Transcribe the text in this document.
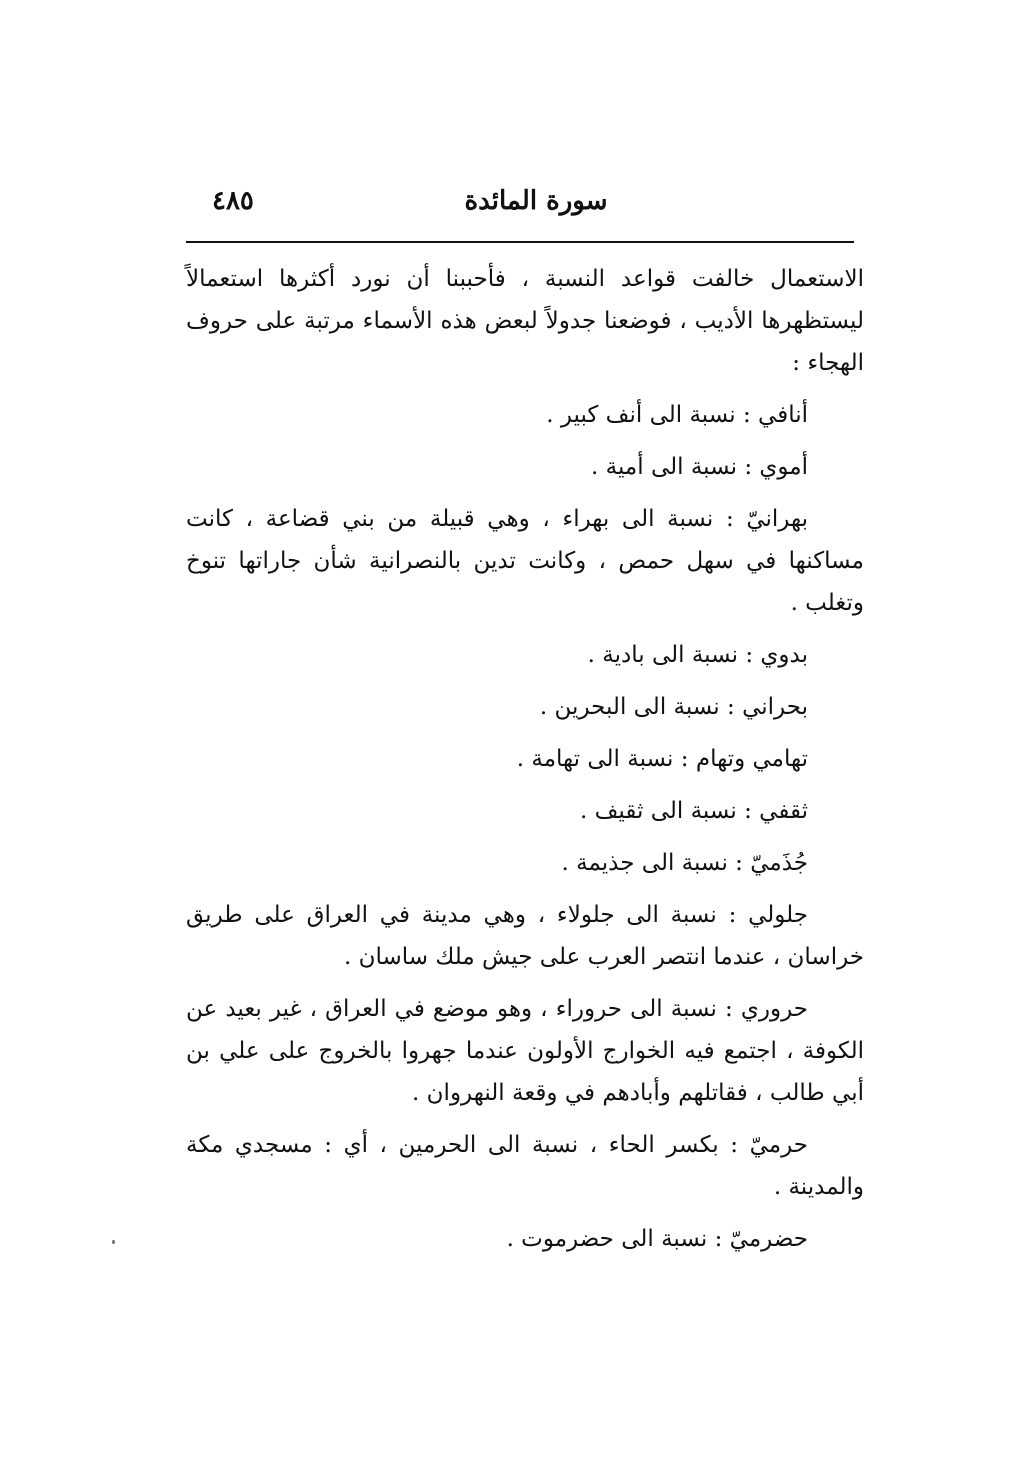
٤٨٥	سورة المائدة

الاستعمال خالفت قواعد النسبة ، فأحببنا أن نورد أكثرها استعمالاً ليستظهرها الأديب ، فوضعنا جدولاً لبعض هذه الأسماء مرتبة على حروف الهجاء :

أنافي : نسبة الى أنف كبير .

أموي : نسبة الى أمية .

بهرانيّ : نسبة الى بهراء ، وهي قبيلة من بني قضاعة ، كانت مساكنها في سهل حمص ، وكانت تدين بالنصرانية شأن جاراتها تنوخ وتغلب .

بدوي : نسبة الى بادية .

بحراني : نسبة الى البحرين .

تهامي وتهام : نسبة الى تهامة .

ثقفي : نسبة الى ثقيف .

جُذَميّ : نسبة الى جذيمة .

جلولي : نسبة الى جلولاء ، وهي مدينة في العراق على طريق خراسان ، عندما انتصر العرب على جيش ملك ساسان .

حروري : نسبة الى حروراء ، وهو موضع في العراق ، غير بعيد عن الكوفة ، اجتمع فيه الخوارج الأولون عندما جهروا بالخروج على علي بن أبي طالب ، فقاتلهم وأبادهم في وقعة النهروان .

حرميّ : بكسر الحاء ، نسبة الى الحرمين ، أي : مسجدي مكة والمدينة .

حضرميّ : نسبة الى حضرموت .
